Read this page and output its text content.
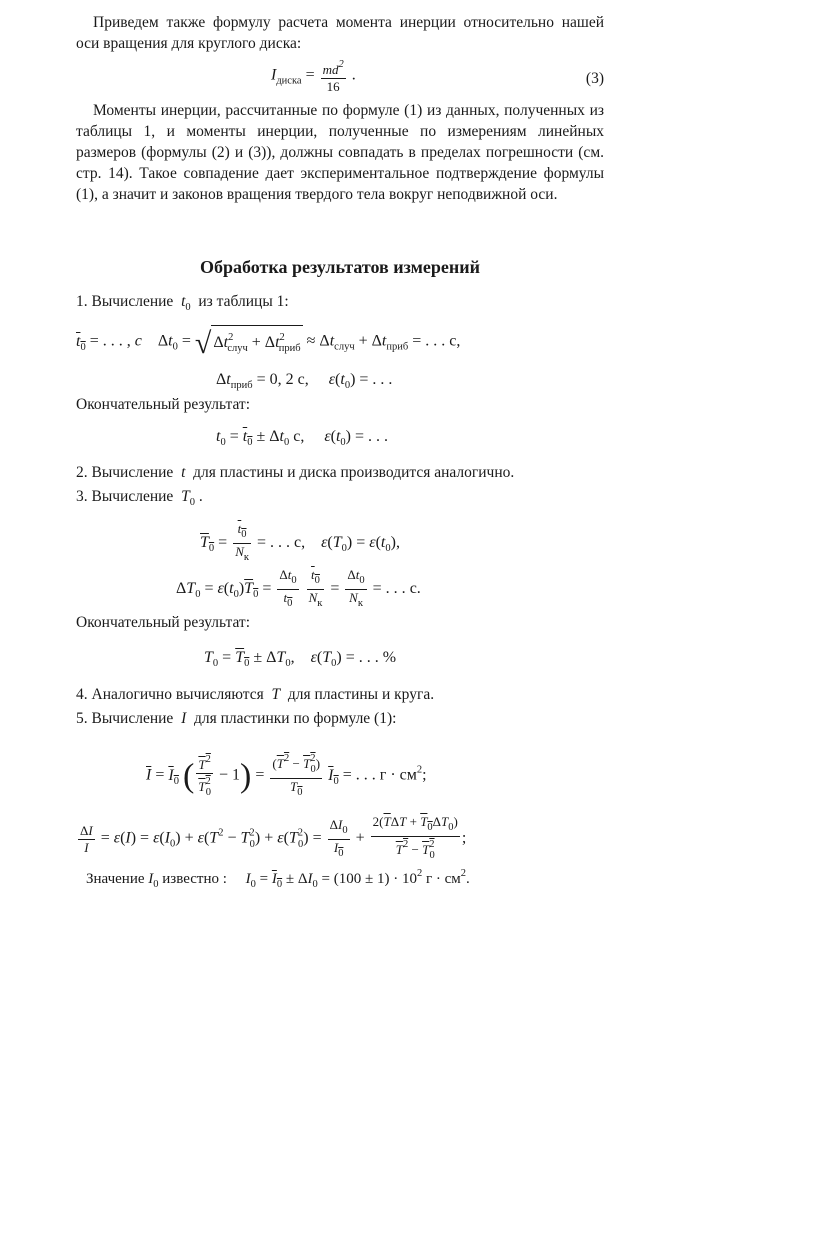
Приведем также формулу расчета момента инерции относительно нашей оси вращения для круглого диска:

$I_{диска} = \frac{md^2}{16}$ .	(3)

Моменты инерции, рассчитанные по формуле (1) из данных, полученных из таблицы 1, и моменты инерции, полученные по измерениям линейных размеров (формулы (2) и (3)), должны совпадать в пределах погрешности (см. стр. 14). Такое совпадение дает экспериментальное подтверждение формулы (1), а значит и законов вращения твердого тела вокруг неподвижной оси.

Обработка результатов измерений
1. Вычисление  $t_0$ из таблицы 1:
$t_0$ = . . . , c    $\Delta t_0$ = √ $\Delta t^2_{случ} + \Delta t^2_{приб} \approx \Delta t_{случ} + \Delta t_{приб}$ = . . . с,
$\Delta t_{приб} = 0$, 2 с,     $\varepsilon(t_0)$ = . . .
Окончательный результат:
$t_0 = t_0 \pm \Delta t_0$ с,     $\varepsilon(t_0)$ = . . .
2. Вычисление  t  для пластины и диска производится аналогично.
3. Вычисление  $T_0$ .
$T_0 = \frac{t_0}{N_к}$ = . . . с,    $\varepsilon(T_0) = \varepsilon(t_0)$,
$\Delta T_0 = \varepsilon(t_0)T_0 = \frac{\Delta t_0}{t_0}$
$\frac{t_0}{N_к} = \frac{\Delta t_0}{N_к}$ = . . . с.
Окончательный результат:
$T_0 = T_0 \pm \Delta T_0$,    $\varepsilon(T_0)$ = . . . %
4. Аналогично вычисляются  T  для пластины и круга.
5. Вычисление  I  для пластинки по формуле (1):
$\overline{I} = I_0$ ( $\frac{T^2}{T^2_0} - 1) = \frac{(T^2 - T^2_0)}{T_0} I_0$ = . . . $г \cdot см^2$;
$\frac{\Delta I}{I} = \varepsilon(I) = \varepsilon(I_0) + \varepsilon(T^2 - T^2_0) + \varepsilon(T^2_0) = \frac{\Delta I_0}{I_0} + \frac{2(\overline{T}\Delta T + T_0\Delta T_0)}{T^2 - T^2_0}$ ;
Значение $I_0$ известно : $I_0 = I_0 \pm \Delta I_0 = (100 \pm 1) \cdot 10^2$ $г \cdot см^2$.
